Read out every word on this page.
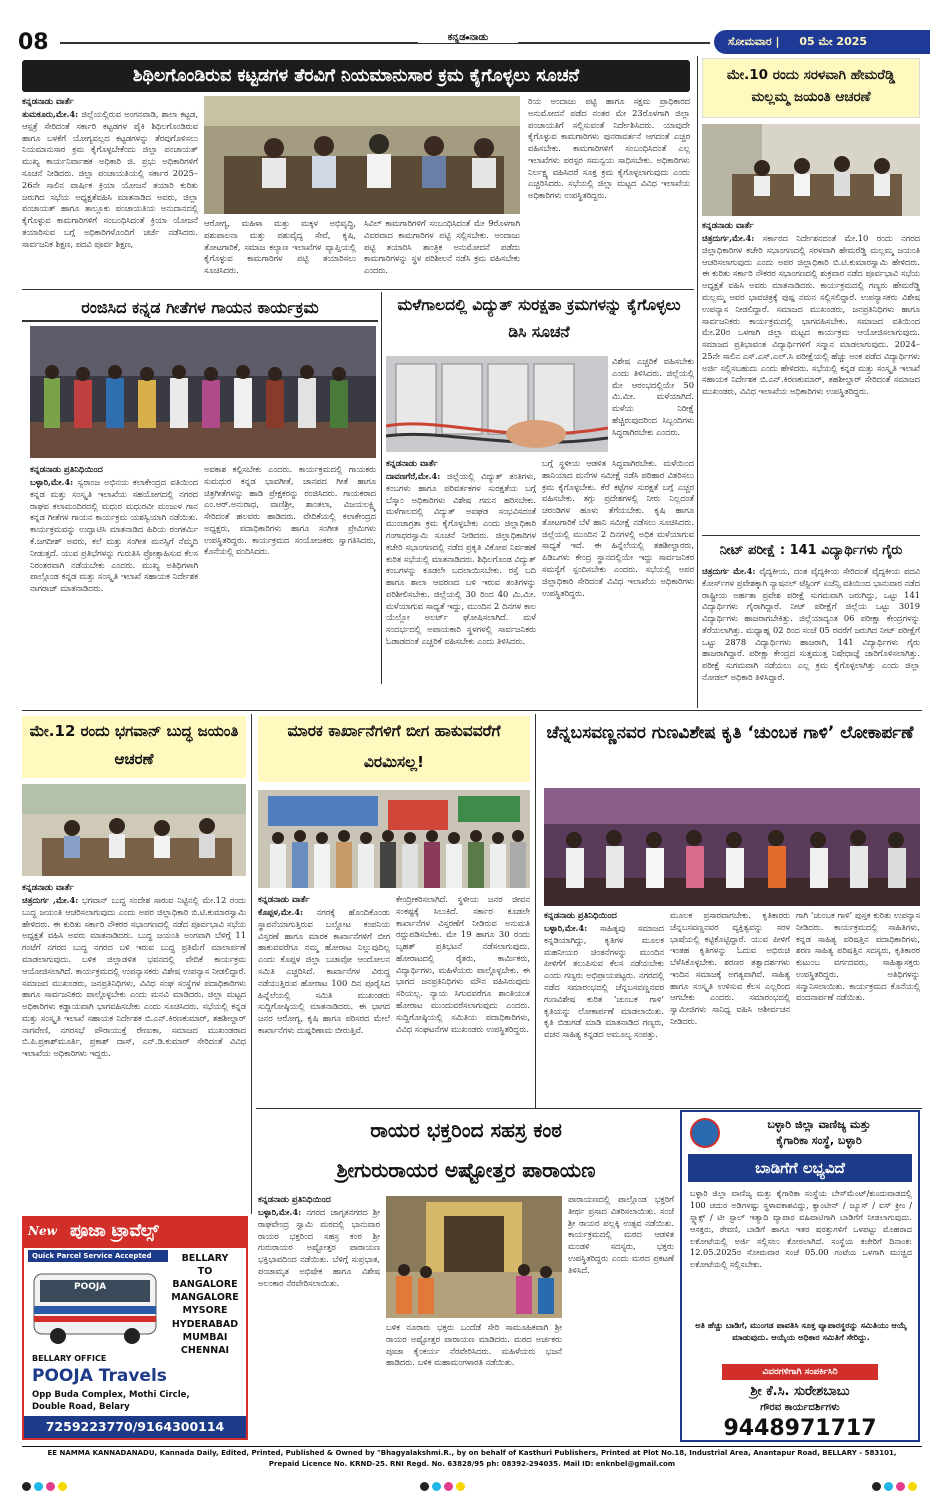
08	ಕನ್ನಡ⦁ನಾಡು	ಸೋಮವಾರ | 05 ಮೇ 2025
ಶಿಥಿಲಗೊಂಡಿರುವ ಕಟ್ಟಡಗಳ ತೆರವಿಗೆ ನಿಯಮಾನುಸಾರ ಕ್ರಮ ಕೈಗೊಳ್ಳಲು ಸೂಚನೆ

ಕನ್ನಡನಾಡು ವಾರ್ತೆ

ತುಮಕೂರು,ಮೇ.4: ಜಿಲ್ಲೆಯಲ್ಲಿರುವ ಅಂಗನವಾಡಿ, ಶಾಲಾ ಕಟ್ಟಡ, ಆಸ್ಪತ್ರೆ ಸೇರಿದಂತೆ ಸರ್ಕಾರಿ ಕಟ್ಟಡಗಳ ಪೈಕಿ ಶಿಥಿಲಗೊಂಡಿರುವ ಹಾಗೂ ಬಳಕೆಗೆ ಯೋಗ್ಯವಲ್ಲದ ಕಟ್ಟಡಗಳನ್ನು ತೆರವುಗೊಳಿಸಲು ನಿಯಮಾನುಸಾರ ಕ್ರಮ ಕೈಗೊಳ್ಳಬೇಕೆಂದು ಜಿಲ್ಲಾ ಪಂಚಾಯತ್ ಮುಖ್ಯ ಕಾರ್ಯನಿರ್ವಾಹಕ ಅಧಿಕಾರಿ ಜಿ. ಪ್ರಭು ಅಧಿಕಾರಿಗಳಿಗೆ ಸೂಚನೆ ನೀಡಿದರು. ಜಿಲ್ಲಾ ಪಂಚಾಯತಿಯಲ್ಲಿ ಸರ್ಕಾರ 2025–26ನೇ ಸಾಲಿನ ವಾರ್ಷಿಕ ಕ್ರಿಯಾ ಯೋಜನೆ ತಯಾರಿ ಕುರಿತು ಜರುಗಿದ ಸಭೆಯ ಅಧ್ಯಕ್ಷತೆವಹಿಸಿ ಮಾತನಾಡಿದ ಅವರು, ಜಿಲ್ಲಾ ಪಂಚಾಯತ್ ಹಾಗೂ ತಾಲ್ಲೂಕು ಪಂಚಾಯತಿಯ ಅನುದಾನದಲ್ಲಿ ಕೈಗೊಳ್ಳುವ ಕಾಮಗಾರಿಗಳಿಗೆ ಸಂಬಂಧಿಸಿದಂತೆ ಕ್ರಿಯಾ ಯೋಜನೆ ತಯಾರಿಸುವ ಬಗ್ಗೆ ಅಧಿಕಾರಿಗಳೊಂದಿಗೆ ಚರ್ಚೆ ನಡೆಸಿದರು. ಸಾರ್ವಜನಿಕ ಶಿಕ್ಷಣ, ಪದವಿ ಪೂರ್ವ ಶಿಕ್ಷಣ,

ಆರೋಗ್ಯ, ಮಹಿಳಾ ಮತ್ತು ಮಕ್ಕಳ ಅಭಿವೃದ್ಧಿ, ಪಶುಪಾಲನಾ ಮತ್ತು ಪಶುವೈದ್ಯ ಸೇವೆ, ಕೃಷಿ, ತೋಟಗಾರಿಕೆ, ಸಮಾಜ ಕಲ್ಯಾಣ ಇಲಾಖೆಗಳ ವ್ಯಾಪ್ತಿಯಲ್ಲಿ ಕೈಗೊಳ್ಳುವ ಕಾಮಗಾರಿಗಳ ಪಟ್ಟಿ ತಯಾರಿಸಲು ಸೂಚಿಸಿದರು.

ಸಿವಿಲ್ ಕಾಮಗಾರಿಗಳಿಗೆ ಸಂಬಂಧಿಸಿದಂತೆ ಮೇ 9ರೊಳಗಾಗಿ ವಿವರವಾದ ಕಾಮಗಾರಿಗಳ ಪಟ್ಟಿ ಸಲ್ಲಿಸಬೇಕು. ಅಂದಾಜು ಪಟ್ಟಿ ತಯಾರಿಸಿ ತಾಂತ್ರಿಕ ಅನುಮೋದನೆ ಪಡೆದು ಕಾಮಗಾರಿಗಳನ್ನು ಸ್ಥಳ ಪರಿಶೀಲನೆ ನಡೆಸಿ ಕ್ರಮ ವಹಿಸಬೇಕು ಎಂದರು.

ರಿಯ ಅಂದಾಜು ಪಟ್ಟಿ ಹಾಗೂ ಸಕ್ಷಮ ಪ್ರಾಧಿಕಾರದ ಅನುಮೋದನೆ ಪಡೆದ ನಂತರ ಮೇ 23ರೊಳಗಾಗಿ ಜಿಲ್ಲಾ ಪಂಚಾಯತಿಗೆ ಸಲ್ಲಿಸುವಂತೆ ನಿರ್ದೇಶಿಸಿದರು. ಯಾವುದೇ ಕೈಗೊಳ್ಳುವ ಕಾಮಗಾರಿಗಳು ಪುನರಾವರ್ತನೆ ಆಗದಂತೆ ಎಚ್ಚರ ವಹಿಸಬೇಕು. ಕಾಮಗಾರಿಗಳಿಗೆ ಸಂಬಂಧಿಸಿದಂತೆ ಎಲ್ಲ ಇಲಾಖೆಗಳು ಪರಸ್ಪರ ಸಮನ್ವಯ ಸಾಧಿಸಬೇಕು. ಅಧಿಕಾರಿಗಳು ನಿರ್ಲಕ್ಷ್ಯ ವಹಿಸಿದರೆ ಸೂಕ್ತ ಕ್ರಮ ಕೈಗೊಳ್ಳಲಾಗುವುದು ಎಂದು ಎಚ್ಚರಿಸಿದರು. ಸಭೆಯಲ್ಲಿ ಜಿಲ್ಲಾ ಮಟ್ಟದ ವಿವಿಧ ಇಲಾಖೆಯ ಅಧಿಕಾರಿಗಳು ಉಪಸ್ಥಿತರಿದ್ದರು.

ಮೇ.10 ರಂದು ಸರಳವಾಗಿ ಹೇಮರೆಡ್ಡಿ ಮಲ್ಲಮ್ಮ ಜಯಂತಿ ಆಚರಣೆ

ಕನ್ನಡನಾಡು ವಾರ್ತೆ

ಚಿತ್ರದುರ್ಗ,ಮೇ.4: ಸರ್ಕಾರದ ನಿರ್ದೇಶನದಂತೆ ಮೇ.10 ರಂದು ನಗರದ ಜಿಲ್ಲಾಧಿಕಾರಿಗಳ ಕಚೇರಿ ಸಭಾಂಗಣದಲ್ಲಿ ಸರಳವಾಗಿ ಹೇಮರೆಡ್ಡಿ ಮಲ್ಲಮ್ಮ ಜಯಂತಿ ಆಚರಿಸಲಾಗುವುದು ಎಂದು ಅಪರ ಜಿಲ್ಲಾಧಿಕಾರಿ ಬಿ.ಟಿ.ಕುಮಾರಸ್ವಾಮಿ ಹೇಳಿದರು. ಈ ಕುರಿತು ಸರ್ಕಾರಿ ನೌಕರರ ಸಭಾಂಗಣದಲ್ಲಿ ಶುಕ್ರವಾರ ನಡೆದ ಪೂರ್ವಭಾವಿ ಸಭೆಯ ಅಧ್ಯಕ್ಷತೆ ವಹಿಸಿ ಅವರು ಮಾತನಾಡಿದರು. ಕಾರ್ಯಕ್ರಮದಲ್ಲಿ ಗಣ್ಯರು ಹೇಮರೆಡ್ಡಿ ಮಲ್ಲಮ್ಮ ಅವರ ಭಾವಚಿತ್ರಕ್ಕೆ ಪುಷ್ಪ ನಮನ ಸಲ್ಲಿಸಲಿದ್ದಾರೆ. ಉಪನ್ಯಾಸಕರು ವಿಶೇಷ ಉಪನ್ಯಾಸ ನೀಡಲಿದ್ದಾರೆ. ಸಮಾಜದ ಮುಖಂಡರು, ಜನಪ್ರತಿನಿಧಿಗಳು ಹಾಗೂ ಸಾರ್ವಜನಿಕರು ಕಾರ್ಯಕ್ರಮದಲ್ಲಿ ಭಾಗವಹಿಸಬೇಕು. ಸಮಾಜದ ವತಿಯಿಂದ ಮೇ.20ರ ಒಳಗಾಗಿ ಜಿಲ್ಲಾ ಮಟ್ಟದ ಕಾರ್ಯಕ್ರಮ ಆಯೋಜಿಸಲಾಗುವುದು. ಸಮಾಜದ ಪ್ರತಿಭಾವಂತ ವಿದ್ಯಾರ್ಥಿಗಳಿಗೆ ಸನ್ಮಾನ ಮಾಡಲಾಗುವುದು. 2024–25ನೇ ಸಾಲಿನ ಎಸ್.ಎಸ್.ಎಲ್.ಸಿ ಪರೀಕ್ಷೆಯಲ್ಲಿ ಹೆಚ್ಚು ಅಂಕ ಪಡೆದ ವಿದ್ಯಾರ್ಥಿಗಳು ಅರ್ಜಿ ಸಲ್ಲಿಸಬಹುದು ಎಂದು ಹೇಳಿದರು. ಸಭೆಯಲ್ಲಿ ಕನ್ನಡ ಮತ್ತು ಸಂಸ್ಕೃತಿ ಇಲಾಖೆ ಸಹಾಯಕ ನಿರ್ದೇಶಕ ಬಿ.ಎನ್.ಕಿರಣಕುಮಾರ್, ತಹಶೀಲ್ದಾರ್ ಸೇರಿದಂತೆ ಸಮಾಜದ ಮುಖಂಡರು, ವಿವಿಧ ಇಲಾಖೆಯ ಅಧಿಕಾರಿಗಳು ಉಪಸ್ಥಿತರಿದ್ದರು.

ನೀಟ್ ಪರೀಕ್ಷೆ : 141 ವಿದ್ಯಾರ್ಥಿಗಳು ಗೈರು

ಚಿತ್ರದುರ್ಗ ಮೇ.4: ವೈದ್ಯಕೀಯ, ದಂತ ವೈದ್ಯಕೀಯ ಸೇರಿದಂತೆ ವೈದ್ಯಕೀಯ ಪದವಿ ಕೋರ್ಸ್‌ಗಳ ಪ್ರವೇಶಕ್ಕಾಗಿ ನ್ಯಾಷನಲ್ ಟೆಸ್ಟಿಂಗ್ ಏಜೆನ್ಸಿ ವತಿಯಿಂದ ಭಾನುವಾರ ನಡೆದ ರಾಷ್ಟ್ರೀಯ ಅರ್ಹತಾ ಪ್ರವೇಶ ಪರೀಕ್ಷೆ ಸುಗಮವಾಗಿ ಜರುಗಿದ್ದು, ಒಟ್ಟು 141 ವಿದ್ಯಾರ್ಥಿಗಳು ಗೈರಾಗಿದ್ದಾರೆ. ನೀಟ್ ಪರೀಕ್ಷೆಗೆ ಜಿಲ್ಲೆಯ ಒಟ್ಟು 3019 ವಿದ್ಯಾರ್ಥಿಗಳು ಹಾಜರಾಗಬೇಕಿತ್ತು. ಜಿಲ್ಲೆಯಾದ್ಯಂತ 06 ಪರೀಕ್ಷಾ ಕೇಂದ್ರಗಳನ್ನು ತೆರೆಯಲಾಗಿತ್ತು. ಮಧ್ಯಾಹ್ನ 02 ರಿಂದ ಸಂಜೆ 05 ರವರೆಗೆ ಜರುಗಿದ ನೀಟ್ ಪರೀಕ್ಷೆಗೆ ಒಟ್ಟು 2878 ವಿದ್ಯಾರ್ಥಿಗಳು ಹಾಜರಾಗಿ, 141 ವಿದ್ಯಾರ್ಥಿಗಳು ಗೈರು ಹಾಜರಾಗಿದ್ದಾರೆ. ಪರೀಕ್ಷಾ ಕೇಂದ್ರದ ಸುತ್ತಮುತ್ತ ನಿಷೇಧಾಜ್ಞೆ ಜಾರಿಗೊಳಿಸಲಾಗಿತ್ತು. ಪರೀಕ್ಷೆ ಸುಗಮವಾಗಿ ನಡೆಯಲು ಎಲ್ಲ ಕ್ರಮ ಕೈಗೊಳ್ಳಲಾಗಿತ್ತು ಎಂದು ಜಿಲ್ಲಾ ನೋಡಲ್ ಅಧಿಕಾರಿ ತಿಳಿಸಿದ್ದಾರೆ.

ರಂಜಿಸಿದ ಕನ್ನಡ ಗೀತೆಗಳ ಗಾಯನ ಕಾರ್ಯಕ್ರಮ

ಕನ್ನಡನಾಡು ಪ್ರತಿನಿಧಿಯಿಂದ

ಬಳ್ಳಾರಿ,ಮೇ.4: ಸ್ವರಾಂಜ ಅಭಿನಯ ಕಲಾಕೇಂದ್ರದ ವತಿಯಿಂದ ಕನ್ನಡ ಮತ್ತು ಸಂಸ್ಕೃತಿ ಇಲಾಖೆಯ ಸಹಯೋಗದಲ್ಲಿ ನಗರದ ರಾಘವ ಕಲಾಮಂದಿರದಲ್ಲಿ ಮಧುರ ಮಧುರವೀ ಮಂಜುಳ ಗಾನ ಕನ್ನಡ ಗೀತೆಗಳ ಗಾಯನ ಕಾರ್ಯಕ್ರಮ ಯಶಸ್ವಿಯಾಗಿ ನಡೆಯಿತು. ಕಾರ್ಯಕ್ರಮವನ್ನು ಉದ್ಘಾಟಿಸಿ ಮಾತನಾಡಿದ ಹಿರಿಯ ರಂಗಕರ್ಮಿ ಕೆ.ಜಗದೀಶ್ ಅವರು, ಕಲೆ ಮತ್ತು ಸಂಗೀತ ಮನಸ್ಸಿಗೆ ನೆಮ್ಮದಿ ನೀಡುತ್ತದೆ. ಯುವ ಪ್ರತಿಭೆಗಳನ್ನು ಗುರುತಿಸಿ ಪ್ರೋತ್ಸಾಹಿಸುವ ಕೆಲಸ ನಿರಂತರವಾಗಿ ನಡೆಯಬೇಕು ಎಂದರು. ಮುಖ್ಯ ಅತಿಥಿಗಳಾಗಿ ಪಾಲ್ಗೊಂಡ ಕನ್ನಡ ಮತ್ತು ಸಂಸ್ಕೃತಿ ಇಲಾಖೆ ಸಹಾಯಕ ನಿರ್ದೇಶಕ ನಾಗರಾಜ್ ಮಾತನಾಡಿದರು.

ಅವಕಾಶ ಕಲ್ಪಿಸಬೇಕು ಎಂದರು. ಕಾರ್ಯಕ್ರಮದಲ್ಲಿ ಗಾಯಕರು ಸುಮಧುರ ಕನ್ನಡ ಭಾವಗೀತೆ, ಜಾನಪದ ಗೀತೆ ಹಾಗೂ ಚಿತ್ರಗೀತೆಗಳನ್ನು ಹಾಡಿ ಪ್ರೇಕ್ಷಕರನ್ನು ರಂಜಿಸಿದರು. ಗಾಯಕರಾದ ಎಂ.ಆರ್.ಅನುರಾಧ, ವಾಣಿಶ್ರೀ, ಶಾಂತಲಾ, ವಿಜಯಲಕ್ಷ್ಮಿ ಸೇರಿದಂತೆ ಹಲವರು ಹಾಡಿದರು. ವೇದಿಕೆಯಲ್ಲಿ ಕಲಾಕೇಂದ್ರದ ಅಧ್ಯಕ್ಷರು, ಪದಾಧಿಕಾರಿಗಳು ಹಾಗೂ ಸಂಗೀತ ಪ್ರೇಮಿಗಳು ಉಪಸ್ಥಿತರಿದ್ದರು. ಕಾರ್ಯಕ್ರಮದ ಸಂಯೋಜಕರು ಸ್ವಾಗತಿಸಿದರು, ಕೊನೆಯಲ್ಲಿ ವಂದಿಸಿದರು.

ಮಳೆಗಾಲದಲ್ಲಿ ವಿದ್ಯುತ್ ಸುರಕ್ಷತಾ ಕ್ರಮಗಳನ್ನು ಕೈಗೊಳ್ಳಲು ಡಿಸಿ ಸೂಚನೆ

ವಿಶೇಷ ಎಚ್ಚರಿಕೆ ವಹಿಸಬೇಕು ಎಂದು ತಿಳಿಸಿದರು. ಜಿಲ್ಲೆಯಲ್ಲಿ ಮೇ ಆರಂಭದಲ್ಲಿಯೇ 50 ಮಿ.ಮೀ. ಮಳೆಯಾಗಿದೆ. ಮಳೆಯ ನಿರೀಕ್ಷೆ ಹೆಚ್ಚಿರುವುದರಿಂದ ಸಿಬ್ಬಂದಿಗಳು ಸಿದ್ಧರಾಗಿರಬೇಕು ಎಂದರು.

ಕನ್ನಡನಾಡು ವಾರ್ತೆ

ದಾವಣಗೆರೆ,ಮೇ.4: ಜಿಲ್ಲೆಯಲ್ಲಿ ವಿದ್ಯುತ್ ತಂತಿಗಳು, ಕಂಬಗಳು ಹಾಗೂ ಪರಿವರ್ತಕಗಳ ಸುರಕ್ಷತೆಯ ಬಗ್ಗೆ ಬೆಸ್ಕಾಂ ಅಧಿಕಾರಿಗಳು ವಿಶೇಷ ಗಮನ ಹರಿಸಬೇಕು. ಮಳೆಗಾಲದಲ್ಲಿ ವಿದ್ಯುತ್ ಅವಘಡ ಸಂಭವಿಸದಂತೆ ಮುಂಜಾಗ್ರತಾ ಕ್ರಮ ಕೈಗೊಳ್ಳಬೇಕು ಎಂದು ಜಿಲ್ಲಾಧಿಕಾರಿ ಗಂಗಾಧರಸ್ವಾಮಿ ಸೂಚನೆ ನೀಡಿದರು. ಜಿಲ್ಲಾಧಿಕಾರಿಗಳ ಕಚೇರಿ ಸಭಾಂಗಣದಲ್ಲಿ ನಡೆದ ಪ್ರಕೃತಿ ವಿಕೋಪ ನಿರ್ವಹಣೆ ಕುರಿತ ಸಭೆಯಲ್ಲಿ ಮಾತನಾಡಿದರು. ಶಿಥಿಲಗೊಂಡ ವಿದ್ಯುತ್ ಕಂಬಗಳನ್ನು ಕೂಡಲೇ ಬದಲಾಯಿಸಬೇಕು. ರಸ್ತೆ ಬದಿ ಹಾಗೂ ಶಾಲಾ ಆವರಣದ ಬಳಿ ಇರುವ ತಂತಿಗಳನ್ನು ಪರಿಶೀಲಿಸಬೇಕು. ಜಿಲ್ಲೆಯಲ್ಲಿ 30 ರಿಂದ 40 ಮಿ.ಮೀ. ಮಳೆಯಾಗುವ ಸಾಧ್ಯತೆ ಇದ್ದು, ಮುಂದಿನ 2 ದಿನಗಳ ಕಾಲ ಯೆಲ್ಲೋ ಅಲರ್ಟ್ ಘೋಷಿಸಲಾಗಿದೆ. ಮಳೆ ಸಂದರ್ಭದಲ್ಲಿ ಅಪಾಯಕಾರಿ ಸ್ಥಳಗಳಲ್ಲಿ ಸಾರ್ವಜನಿಕರು ಓಡಾಡದಂತೆ ಎಚ್ಚರಿಕೆ ವಹಿಸಬೇಕು ಎಂದು ತಿಳಿಸಿದರು.

ಬಗ್ಗೆ ಸ್ಥಳೀಯ ಆಡಳಿತ ಸಿದ್ಧವಾಗಿರಬೇಕು. ಮಳೆಯಿಂದ ಹಾನಿಯಾದ ಮನೆಗಳ ಸಮೀಕ್ಷೆ ನಡೆಸಿ ಪರಿಹಾರ ವಿತರಿಸಲು ಕ್ರಮ ಕೈಗೊಳ್ಳಬೇಕು. ಕೆರೆ ಕಟ್ಟೆಗಳ ಸುರಕ್ಷತೆ ಬಗ್ಗೆ ಎಚ್ಚರ ವಹಿಸಬೇಕು. ತಗ್ಗು ಪ್ರದೇಶಗಳಲ್ಲಿ ನೀರು ನಿಲ್ಲದಂತೆ ಚರಂಡಿಗಳ ಹೂಳು ತೆಗೆಯಬೇಕು. ಕೃಷಿ ಹಾಗೂ ತೋಟಗಾರಿಕೆ ಬೆಳೆ ಹಾನಿ ಸಮೀಕ್ಷೆ ನಡೆಸಲು ಸೂಚಿಸಿದರು. ಜಿಲ್ಲೆಯಲ್ಲಿ ಮುಂದಿನ 2 ದಿನಗಳಲ್ಲಿ ಅಧಿಕ ಮಳೆಯಾಗುವ ಸಾಧ್ಯತೆ ಇದೆ. ಈ ಹಿನ್ನೆಲೆಯಲ್ಲಿ ತಹಶೀಲ್ದಾರರು, ಪಿಡಿಒಗಳು ಕೇಂದ್ರ ಸ್ಥಾನದಲ್ಲಿಯೇ ಇದ್ದು ಸಾರ್ವಜನಿಕರ ಸಮಸ್ಯೆಗೆ ಸ್ಪಂದಿಸಬೇಕು ಎಂದರು. ಸಭೆಯಲ್ಲಿ ಅಪರ ಜಿಲ್ಲಾಧಿಕಾರಿ ಸೇರಿದಂತೆ ವಿವಿಧ ಇಲಾಖೆಯ ಅಧಿಕಾರಿಗಳು ಉಪಸ್ಥಿತರಿದ್ದರು.

ಮೇ.12 ರಂದು ಭಗವಾನ್ ಬುದ್ಧ ಜಯಂತಿ ಆಚರಣೆ

ಕನ್ನಡನಾಡು ವಾರ್ತೆ

ಚಿತ್ರದುರ್ಗ ,ಮೇ.4: ಭಗವಾನ್ ಬುದ್ಧ ಸಂದೇಶ ಸಾರುವ ನಿಟ್ಟಿನಲ್ಲಿ ಮೇ.12 ರಂದು ಬುದ್ಧ ಜಯಂತಿ ಆಚರಿಸಲಾಗುವುದು ಎಂದು ಅಪರ ಜಿಲ್ಲಾಧಿಕಾರಿ ಬಿ.ಟಿ.ಕುಮಾರಸ್ವಾಮಿ ಹೇಳಿದರು. ಈ ಕುರಿತು ಸರ್ಕಾರಿ ನೌಕರರ ಸಭಾಂಗಣದಲ್ಲಿ ನಡೆದ ಪೂರ್ವಭಾವಿ ಸಭೆಯ ಅಧ್ಯಕ್ಷತೆ ವಹಿಸಿ ಅವರು ಮಾತನಾಡಿದರು. ಬುದ್ಧ ಜಯಂತಿ ಅಂಗವಾಗಿ ಬೆಳಿಗ್ಗೆ 11 ಗಂಟೆಗೆ ನಗರದ ಬುದ್ಧ ನಗರದ ಬಳಿ ಇರುವ ಬುದ್ಧ ಪ್ರತಿಮೆಗೆ ಮಾಲಾರ್ಪಣೆ ಮಾಡಲಾಗುವುದು. ಬಳಿಕ ಜಿಲ್ಲಾಡಳಿತ ಭವನದಲ್ಲಿ ವೇದಿಕೆ ಕಾರ್ಯಕ್ರಮ ಆಯೋಜಿಸಲಾಗಿದೆ. ಕಾರ್ಯಕ್ರಮದಲ್ಲಿ ಉಪನ್ಯಾಸಕರು ವಿಶೇಷ ಉಪನ್ಯಾಸ ನೀಡಲಿದ್ದಾರೆ. ಸಮಾಜದ ಮುಖಂಡರು, ಜನಪ್ರತಿನಿಧಿಗಳು, ವಿವಿಧ ಸಂಘ ಸಂಸ್ಥೆಗಳ ಪದಾಧಿಕಾರಿಗಳು ಹಾಗೂ ಸಾರ್ವಜನಿಕರು ಪಾಲ್ಗೊಳ್ಳಬೇಕು ಎಂದು ಮನವಿ ಮಾಡಿದರು. ಜಿಲ್ಲಾ ಮಟ್ಟದ ಅಧಿಕಾರಿಗಳು ಕಡ್ಡಾಯವಾಗಿ ಭಾಗವಹಿಸಬೇಕು ಎಂದು ಸೂಚಿಸಿದರು. ಸಭೆಯಲ್ಲಿ ಕನ್ನಡ ಮತ್ತು ಸಂಸ್ಕೃತಿ ಇಲಾಖೆ ಸಹಾಯಕ ನಿರ್ದೇಶಕ ಬಿ.ಎನ್.ಕಿರಣಕುಮಾರ್, ತಹಶೀಲ್ದಾರ್ ನಾಗವೇಣಿ, ನಗರಸಭೆ ಪೌರಾಯುಕ್ತೆ ರೇಣುಕಾ, ಸಮಾಜದ ಮುಖಂಡರಾದ ಬಿ.ಪಿ.ಪ್ರಕಾಶ್‌ಮೂರ್ತಿ, ಪ್ರಕಾಶ್ ದಾಸ್, ಎನ್.ಡಿ.ಕುಮಾರ್ ಸೇರಿದಂತೆ ವಿವಿಧ ಇಲಾಖೆಯ ಅಧಿಕಾರಿಗಳು ಇದ್ದರು.

ಮಾರಕ ಕಾರ್ಖಾನೆಗಳಿಗೆ ಬೀಗ ಹಾಕುವವರೆಗೆ ವಿರಮಿಸಲ್ಲ!

ಕನ್ನಡನಾಡು ವಾರ್ತೆ

ಕೊಪ್ಪಳ,ಮೇ.4: ನಗರಕ್ಕೆ ಹೊಂದಿಕೊಂಡು ಸ್ಥಾಪನೆಯಾಗುತ್ತಿರುವ ಬಲ್ದೋಟ ಕಂಪನಿಯ ವಿಸ್ತರಣೆ ಹಾಗೂ ಮಾರಕ ಕಾರ್ಖಾನೆಗಳಿಗೆ ಬೀಗ ಹಾಕುವವರೆಗೂ ನಮ್ಮ ಹೋರಾಟ ನಿಲ್ಲುವುದಿಲ್ಲ ಎಂದು ಕೊಪ್ಪಳ ಜಿಲ್ಲಾ ಬಚಾವೋ ಆಂದೋಲನ ಸಮಿತಿ ಎಚ್ಚರಿಸಿದೆ. ಕಾರ್ಖಾನೆಗಳ ವಿರುದ್ಧ ನಡೆಯುತ್ತಿರುವ ಹೋರಾಟ 100 ದಿನ ಪೂರೈಸಿದ ಹಿನ್ನೆಲೆಯಲ್ಲಿ ಸಮಿತಿ ಮುಖಂಡರು ಸುದ್ದಿಗೋಷ್ಠಿಯಲ್ಲಿ ಮಾತನಾಡಿದರು. ಈ ಭಾಗದ ಜನರ ಆರೋಗ್ಯ, ಕೃಷಿ ಹಾಗೂ ಪರಿಸರದ ಮೇಲೆ ಕಾರ್ಖಾನೆಗಳು ದುಷ್ಪರಿಣಾಮ ಬೀರುತ್ತಿವೆ.

ಕೇಂದ್ರೀಕರಿಸಲಾಗಿದೆ. ಸ್ಥಳೀಯ ಜನರ ಜೀವನ ಸಂಕಷ್ಟಕ್ಕೆ ಸಿಲುಕಿದೆ. ಸರ್ಕಾರ ಕೂಡಲೇ ಕಾರ್ಖಾನೆಗಳ ವಿಸ್ತರಣೆಗೆ ನೀಡಿರುವ ಅನುಮತಿ ರದ್ದುಪಡಿಸಬೇಕು. ಮೇ 19 ಹಾಗೂ 30 ರಂದು ಬೃಹತ್ ಪ್ರತಿಭಟನೆ ನಡೆಸಲಾಗುವುದು. ಹೋರಾಟದಲ್ಲಿ ರೈತರು, ಕಾರ್ಮಿಕರು, ವಿದ್ಯಾರ್ಥಿಗಳು, ಮಹಿಳೆಯರು ಪಾಲ್ಗೊಳ್ಳಬೇಕು. ಈ ಭಾಗದ ಜನಪ್ರತಿನಿಧಿಗಳು ಮೌನ ವಹಿಸಿರುವುದು ಸರಿಯಲ್ಲ. ನ್ಯಾಯ ಸಿಗುವವರೆಗೂ ಶಾಂತಿಯುತ ಹೋರಾಟ ಮುಂದುವರೆಸಲಾಗುವುದು ಎಂದರು. ಸುದ್ದಿಗೋಷ್ಠಿಯಲ್ಲಿ ಸಮಿತಿಯ ಪದಾಧಿಕಾರಿಗಳು, ವಿವಿಧ ಸಂಘಟನೆಗಳ ಮುಖಂಡರು ಉಪಸ್ಥಿತರಿದ್ದರು.

ಚೆನ್ನಬಸವಣ್ಣನವರ ಗುಣವಿಶೇಷ ಕೃತಿ ‘ಚುಂಬಕ ಗಾಳಿ’ ಲೋಕಾರ್ಪಣೆ

ಕನ್ನಡನಾಡು ಪ್ರತಿನಿಧಿಯಿಂದ

ಬಳ್ಳಾರಿ,ಮೇ.4: ಸಾಹಿತ್ಯವು ಸಮಾಜದ ಕನ್ನಡಿಯಾಗಿದ್ದು, ಕೃತಿಗಳ ಮೂಲಕ ಮಹನೀಯರ ಚಿಂತನೆಗಳನ್ನು ಮುಂದಿನ ಪೀಳಿಗೆಗೆ ತಲುಪಿಸುವ ಕೆಲಸ ನಡೆಯಬೇಕು ಎಂದು ಗಣ್ಯರು ಅಭಿಪ್ರಾಯಪಟ್ಟರು. ನಗರದಲ್ಲಿ ನಡೆದ ಸಮಾರಂಭದಲ್ಲಿ ಚೆನ್ನಬಸವಣ್ಣನವರ ಗುಣವಿಶೇಷ ಕುರಿತ ‘ಚುಂಬಕ ಗಾಳಿ’ ಕೃತಿಯನ್ನು ಲೋಕಾರ್ಪಣೆ ಮಾಡಲಾಯಿತು. ಕೃತಿ ಬಿಡುಗಡೆ ಮಾಡಿ ಮಾತನಾಡಿದ ಗಣ್ಯರು, ವಚನ ಸಾಹಿತ್ಯ ಕನ್ನಡದ ಅಮೂಲ್ಯ ಸಂಪತ್ತು.

ಮೂಲಕ ಪ್ರಸಾರವಾಗಬೇಕು. ಕೃತಿಕಾರರು ಚೆನ್ನಬಸವಣ್ಣನವರ ವ್ಯಕ್ತಿತ್ವವನ್ನು ಸರಳ ಭಾಷೆಯಲ್ಲಿ ಕಟ್ಟಿಕೊಟ್ಟಿದ್ದಾರೆ. ಯುವ ಪೀಳಿಗೆ ಇಂತಹ ಕೃತಿಗಳನ್ನು ಓದುವ ಅಭಿರುಚಿ ಬೆಳೆಸಿಕೊಳ್ಳಬೇಕು. ಶರಣರ ತತ್ವಾದರ್ಶಗಳು ಇಂದಿನ ಸಮಾಜಕ್ಕೆ ಅಗತ್ಯವಾಗಿವೆ. ಸಾಹಿತ್ಯ ಹಾಗೂ ಸಂಸ್ಕೃತಿ ಉಳಿಸುವ ಕೆಲಸ ಎಲ್ಲರಿಂದ ಆಗಬೇಕು ಎಂದರು. ಸಮಾರಂಭದಲ್ಲಿ ಸ್ವಾಮೀಜಿಗಳು ಸಾನಿಧ್ಯ ವಹಿಸಿ ಆಶೀರ್ವಚನ ನೀಡಿದರು.

ಗಾಗಿ ‘ಚುಂಬಕ ಗಾಳಿ’ ಪುಸ್ತಕ ಕುರಿತು ಉಪನ್ಯಾಸ ನೀಡಿದರು. ಕಾರ್ಯಕ್ರಮದಲ್ಲಿ ಸಾಹಿತಿಗಳು, ಕನ್ನಡ ಸಾಹಿತ್ಯ ಪರಿಷತ್ತಿನ ಪದಾಧಿಕಾರಿಗಳು, ಶರಣ ಸಾಹಿತ್ಯ ಪರಿಷತ್ತಿನ ಸದಸ್ಯರು, ಕೃತಿಕಾರರ ಕುಟುಂಬ ವರ್ಗದವರು, ಸಾಹಿತ್ಯಾಸಕ್ತರು ಉಪಸ್ಥಿತರಿದ್ದರು. ಅತಿಥಿಗಳನ್ನು ಸನ್ಮಾನಿಸಲಾಯಿತು. ಕಾರ್ಯಕ್ರಮದ ಕೊನೆಯಲ್ಲಿ ವಂದನಾರ್ಪಣೆ ನಡೆಯಿತು.

ರಾಯರ ಭಕ್ತರಿಂದ ಸಹಸ್ರ ಕಂಠ
ಶ್ರೀಗುರುರಾಯರ ಅಷ್ಟೋತ್ತರ ಪಾರಾಯಣ

ಕನ್ನಡನಾಡು ಪ್ರತಿನಿಧಿಯಿಂದ

ಬಳ್ಳಾರಿ,ಮೇ.4: ನಗರದ ಜಾಗೃತನಗರದ ಶ್ರೀ ರಾಘವೇಂದ್ರ ಸ್ವಾಮಿ ಮಠದಲ್ಲಿ ಭಾನುವಾರ ರಾಯರ ಭಕ್ತರಿಂದ ಸಹಸ್ರ ಕಂಠ ಶ್ರೀ ಗುರುರಾಯರ ಅಷ್ಟೋತ್ತರ ಪಾರಾಯಣ ಭಕ್ತಿಭಾವದಿಂದ ನಡೆಯಿತು. ಬೆಳಿಗ್ಗೆ ಸುಪ್ರಭಾತ, ಪಂಚಾಮೃತ ಅಭಿಷೇಕ ಹಾಗೂ ವಿಶೇಷ ಅಲಂಕಾರ ನೆರವೇರಿಸಲಾಯಿತು.

ಬಳಿಕ ನೂರಾರು ಭಕ್ತರು ಒಂದೆಡೆ ಸೇರಿ ಸಾಮೂಹಿಕವಾಗಿ ಶ್ರೀ ರಾಯರ ಅಷ್ಟೋತ್ತರ ಪಾರಾಯಣ ಮಾಡಿದರು. ಮಠದ ಅರ್ಚಕರು ಪೂಜಾ ಕೈಂಕರ್ಯ ನೆರವೇರಿಸಿದರು. ಮಹಿಳೆಯರು ಭಜನೆ ಹಾಡಿದರು. ಬಳಿಕ ಮಹಾಮಂಗಳಾರತಿ ನಡೆಯಿತು.

ಪಾರಾಯಣದಲ್ಲಿ ಪಾಲ್ಗೊಂಡ ಭಕ್ತರಿಗೆ ತೀರ್ಥ ಪ್ರಸಾದ ವಿತರಿಸಲಾಯಿತು. ಸಂಜೆ ಶ್ರೀ ರಾಯರ ಪಲ್ಲಕ್ಕಿ ಉತ್ಸವ ನಡೆಯಿತು. ಕಾರ್ಯಕ್ರಮದಲ್ಲಿ ಮಠದ ಆಡಳಿತ ಮಂಡಳಿ ಸದಸ್ಯರು, ಭಕ್ತರು ಉಪಸ್ಥಿತರಿದ್ದರು ಎಂದು ಮಠದ ಪ್ರಕಟಣೆ ತಿಳಿಸಿದೆ.

New ಪೂಜಾ ಟ್ರಾವೆಲ್ಸ್
Quick Parcel Service Accepted
POOJA
BELLARY
TO
BANGALORE
MANGALORE
MYSORE
HYDERABAD
MUMBAI
CHENNAI
BELLARY OFFICE
POOJA Travels
Opp Buda Complex, Mothi Circle,
Double Road, Belary
7259223770/9164300114
ಬಳ್ಳಾರಿ ಜಿಲ್ಲಾ ವಾಣಿಜ್ಯ ಮತ್ತು
ಕೈಗಾರಿಕಾ ಸಂಸ್ಥೆ, ಬಳ್ಳಾರಿ
ಬಾಡಿಗೆಗೆ ಲಭ್ಯವಿದೆ
ಬಳ್ಳಾರಿ ಜಿಲ್ಲಾ ವಾಣಿಜ್ಯ ಮತ್ತು ಕೈಗಾರಿಕಾ ಸಂಸ್ಥೆಯ ಬೇಸ್‌ಮೆಂಟ್/ಕುಂದುವಾಡದಲ್ಲಿ 100 ಚದುರ ಅಡಿಗಳಷ್ಟು ಸ್ಥಳಾವಕಾಶವಿದ್ದು, ಕ್ಯಾಂಟೀನ್ / ಜ್ಯೂಸ್ / ಐಸ್ ಕ್ರೀಂ / ಸ್ನ್ಯಾಕ್ಸ್ / ಟೀ ಸ್ಟಾಲ್ ಇತ್ಯಾದಿ ವ್ಯಾಪಾರ ವಹಿವಾಟಿಗಾಗಿ ಬಾಡಿಗೆಗೆ ನೀಡಲಾಗುವುದು. ಆಸಕ್ತರು, ಠೇವಣಿ, ಬಾಡಿಗೆ ಹಾಗೂ ಇತರ ಷರತ್ತುಗಳಿಗೆ ಒಳಪಟ್ಟು ಮೊಹರಾದ ಲಕೋಟೆಯಲ್ಲಿ ಅರ್ಜಿ ಸಲ್ಲಿಸಲು ಕೋರಲಾಗಿದೆ. ಸಂಸ್ಥೆಯ ಕಚೇರಿಗೆ ದಿನಾಂಕ: 12.05.2025ರ ಸೋಮವಾರ ಸಂಜೆ 05.00 ಗಂಟೆಯ ಒಳಗಾಗಿ ಮುಚ್ಚಿದ ಲಕೋಟೆಯಲ್ಲಿ ಸಲ್ಲಿಸಬೇಕು.
ಅತಿ ಹೆಚ್ಚು ಬಾಡಿಗೆ, ಮುಂಗಡ ಪಾವತಿಸಿ ಸೂಕ್ತ ವ್ಯಾಪಾರಸ್ಥರನ್ನು ಸಮಿತಿಯು ಆಯ್ಕೆ ಮಾಡುವುದು. ಆಯ್ಕೆಯ ಅಧಿಕಾರ ಸಮಿತಿಗೆ ಸೇರಿದ್ದು.
ವಿವರಗಳಿಗಾಗಿ ಸಂಪರ್ಕಿಸಿರಿ
ಶ್ರೀ ಕೆ.ಸಿ. ಸುರೇಶಬಾಬು
ಗೌರವ ಕಾರ್ಯದರ್ಶಿಗಳು
9448971717
EE NAMMA KANNADANADU, Kannada Daily, Edited, Printed, Published & Owned by "Bhagyalakshmi.R., by on behalf of Kasthuri Publishers, Printed at Plot No.18, Industrial Area, Anantapur Road, BELLARY - 583101,
Prepaid Licence No. KRND-25. RNI Regd. No. 63828/95 ph: 08392-294035. Mail ID: enknbel@gmail.com
